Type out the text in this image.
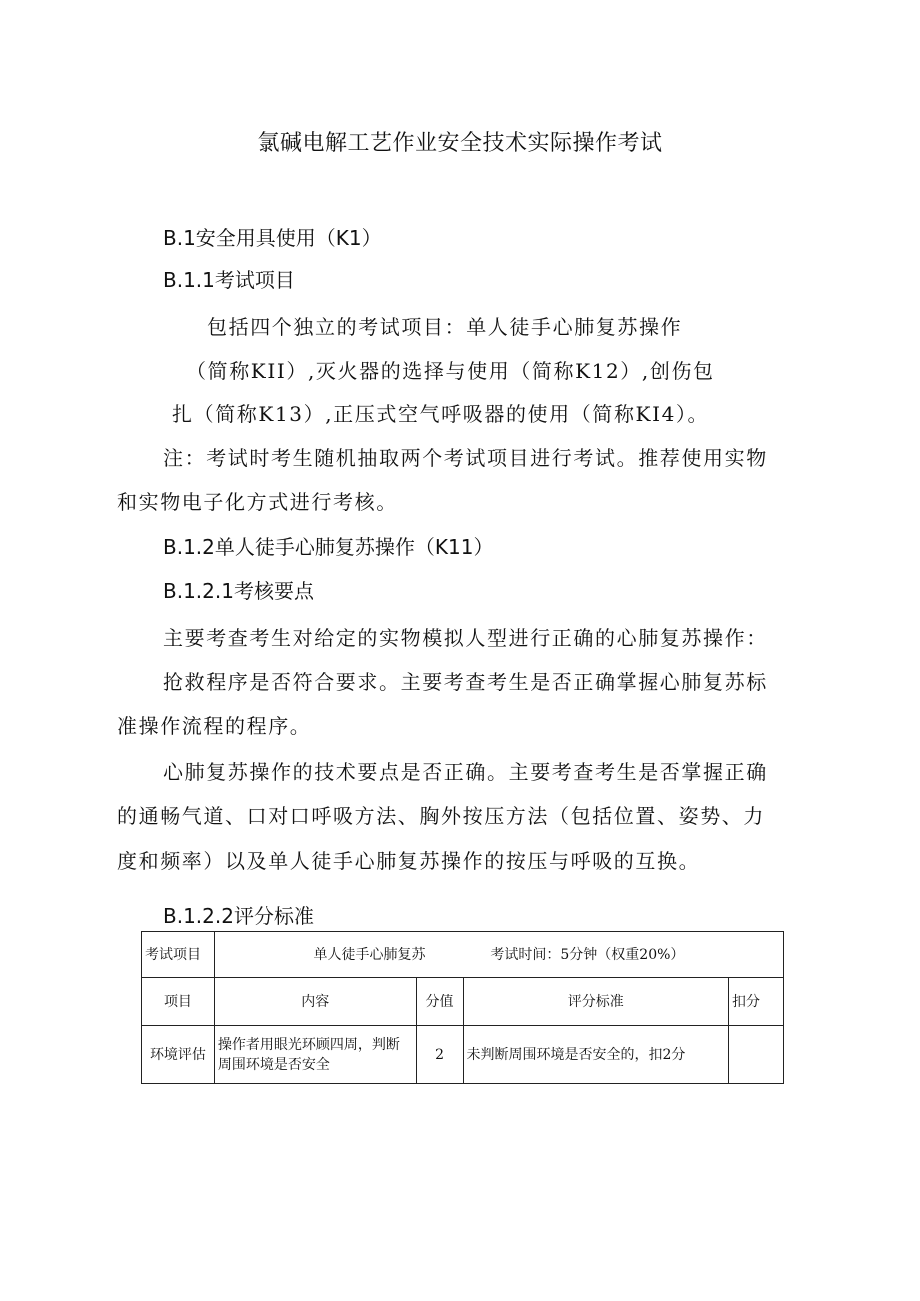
氯碱电解工艺作业安全技术实际操作考试
B.1安全用具使用（K1）
B.1.1考试项目
包括四个独立的考试项目：单人徒手心肺复苏操作
（简称KII）,灭火器的选择与使用（简称K12）,创伤包
扎（简称K13）,正压式空气呼吸器的使用（简称KI4）。
注：考试时考生随机抽取两个考试项目进行考试。推荐使用实物
和实物电子化方式进行考核。
B.1.2单人徒手心肺复苏操作（K11）
B.1.2.1考核要点
主要考查考生对给定的实物模拟人型进行正确的心肺复苏操作：
抢救程序是否符合要求。主要考查考生是否正确掌握心肺复苏标
准操作流程的程序。
心肺复苏操作的技术要点是否正确。主要考查考生是否掌握正确
的通畅气道、口对口呼吸方法、胸外按压方法（包括位置、姿势、力
度和频率）以及单人徒手心肺复苏操作的按压与呼吸的互换。
B.1.2.2评分标准
考试项目	单人徒手心肺复苏 考试时间：5分钟（权重20%）			
项目	内容	分值	评分标准	扣分
环境评估	操作者用眼光环顾四周，判断周围环境是否安全	2	未判断周围环境是否安全的，扣2分	
